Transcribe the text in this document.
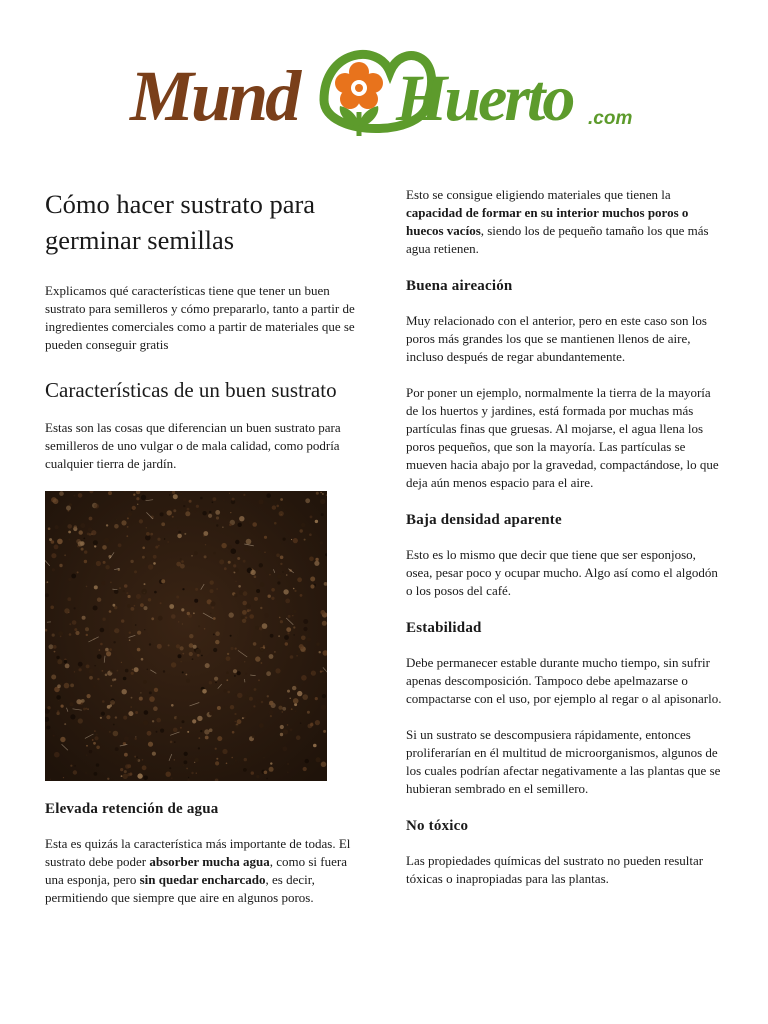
Mund Huerto .com
Cómo hacer sustrato para germinar semillas

Explicamos qué características tiene que tener un buen sustrato para semilleros y cómo prepararlo, tanto a partir de ingredientes comerciales como a partir de materiales que se pueden conseguir gratis

Características de un buen sustrato

Estas son las cosas que diferencian un buen sustrato para semilleros de uno vulgar o de mala calidad, como podría cualquier tierra de jardín.

Elevada retención de agua

Esta es quizás la característica más importante de todas. El sustrato debe poder absorber mucha agua, como si fuera una esponja, pero sin quedar encharcado, es decir, permitiendo que siempre que aire en algunos poros.

Esto se consigue eligiendo materiales que tienen la capacidad de formar en su interior muchos poros o huecos vacíos, siendo los de pequeño tamaño los que más agua retienen.

Buena aireación

Muy relacionado con el anterior, pero en este caso son los poros más grandes los que se mantienen llenos de aire, incluso después de regar abundantemente.

Por poner un ejemplo, normalmente la tierra de la mayoría de los huertos y jardines, está formada por muchas más partículas finas que gruesas. Al mojarse, el agua llena los poros pequeños, que son la mayoría. Las partículas se mueven hacia abajo por la gravedad, compactándose, lo que deja aún menos espacio para el aire.

Baja densidad aparente

Esto es lo mismo que decir que tiene que ser esponjoso, osea, pesar poco y ocupar mucho. Algo así como el algodón o los posos del café.

Estabilidad

Debe permanecer estable durante mucho tiempo, sin sufrir apenas descomposición. Tampoco debe apelmazarse o compactarse con el uso, por ejemplo al regar o al apisonarlo.

Si un sustrato se descompusiera rápidamente, entonces proliferarían en él multitud de microorganismos, algunos de los cuales podrían afectar negativamente a las plantas que se hubieran sembrado en el semillero.

No tóxico

Las propiedades químicas del sustrato no pueden resultar tóxicas o inapropiadas para las plantas.
